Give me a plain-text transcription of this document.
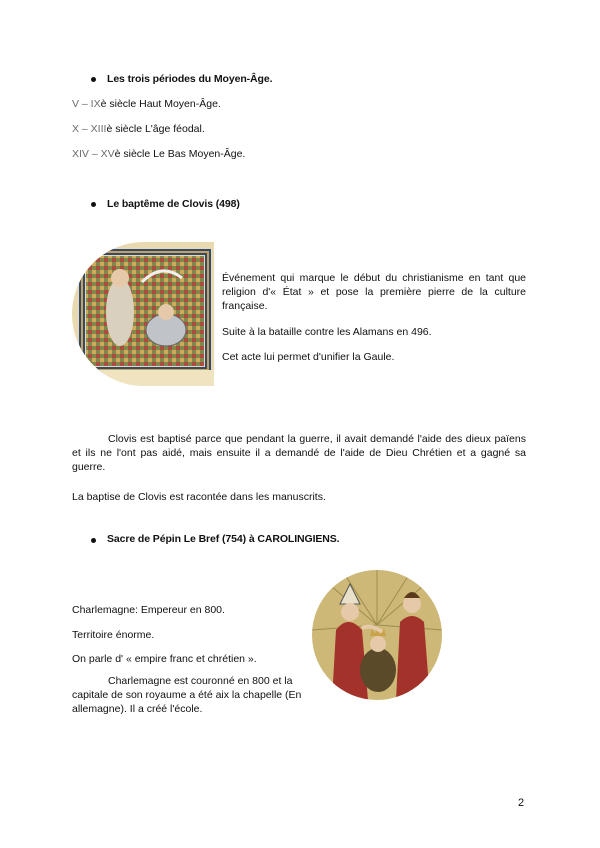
Les trois périodes du Moyen-Âge.
V – IXè siècle Haut Moyen-Âge.
X – XIIIè siècle L'âge féodal.
XIV – XVè siècle Le Bas Moyen-Âge.
Le baptême de Clovis (498)
Événement qui marque le début du christianisme en tant que religion d'« État » et pose la première pierre de la culture française.
Suite à la bataille contre les Alamans en 496.
Cet acte lui permet d'unifier la Gaule.
Clovis est baptisé parce que pendant la guerre, il avait demandé l'aide des dieux païens et ils ne l'ont pas aidé, mais ensuite il a demandé de l'aide de Dieu Chrétien et a gagné sa guerre.
La baptise de Clovis est racontée dans les manuscrits.
Sacre de Pépin Le Bref (754) à CAROLINGIENS.
Charlemagne: Empereur en 800.
Territoire énorme.
On parle d' « empire franc et chrétien ».
Charlemagne est couronné en 800 et la capitale de son royaume a été aix la chapelle (En allemagne). Il a créé l'école.
2
